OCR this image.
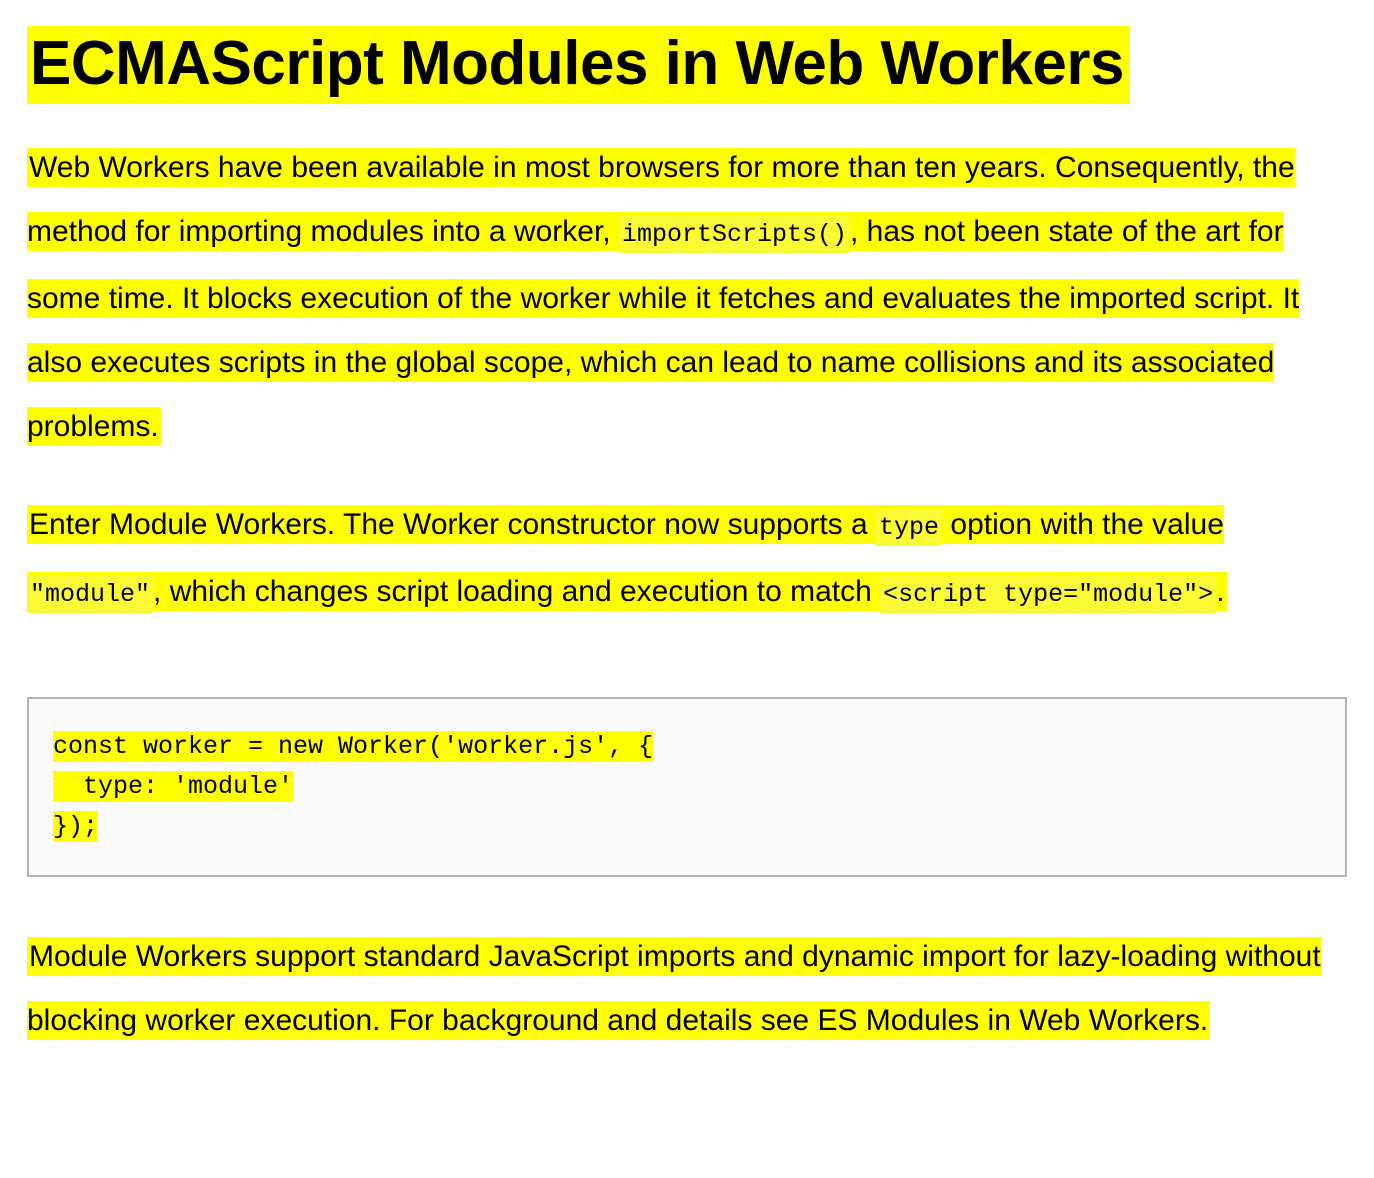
ECMAScript Modules in Web Workers

Web Workers have been available in most browsers for more than ten years. Consequently, the method for importing modules into a worker, importScripts() , has not been state of the art for some time. It blocks execution of the worker while it fetches and evaluates the imported script. It also executes scripts in the global scope, which can lead to name collisions and its associated problems.

Enter Module Workers. The Worker constructor now supports a type option with the value "module" , which changes script loading and execution to match <script type="module"> .

const worker = new Worker('worker.js', {
type: 'module'
});

Module Workers support standard JavaScript imports and dynamic import for lazy-loading without blocking worker execution. For background and details see ES Modules in Web Workers.
